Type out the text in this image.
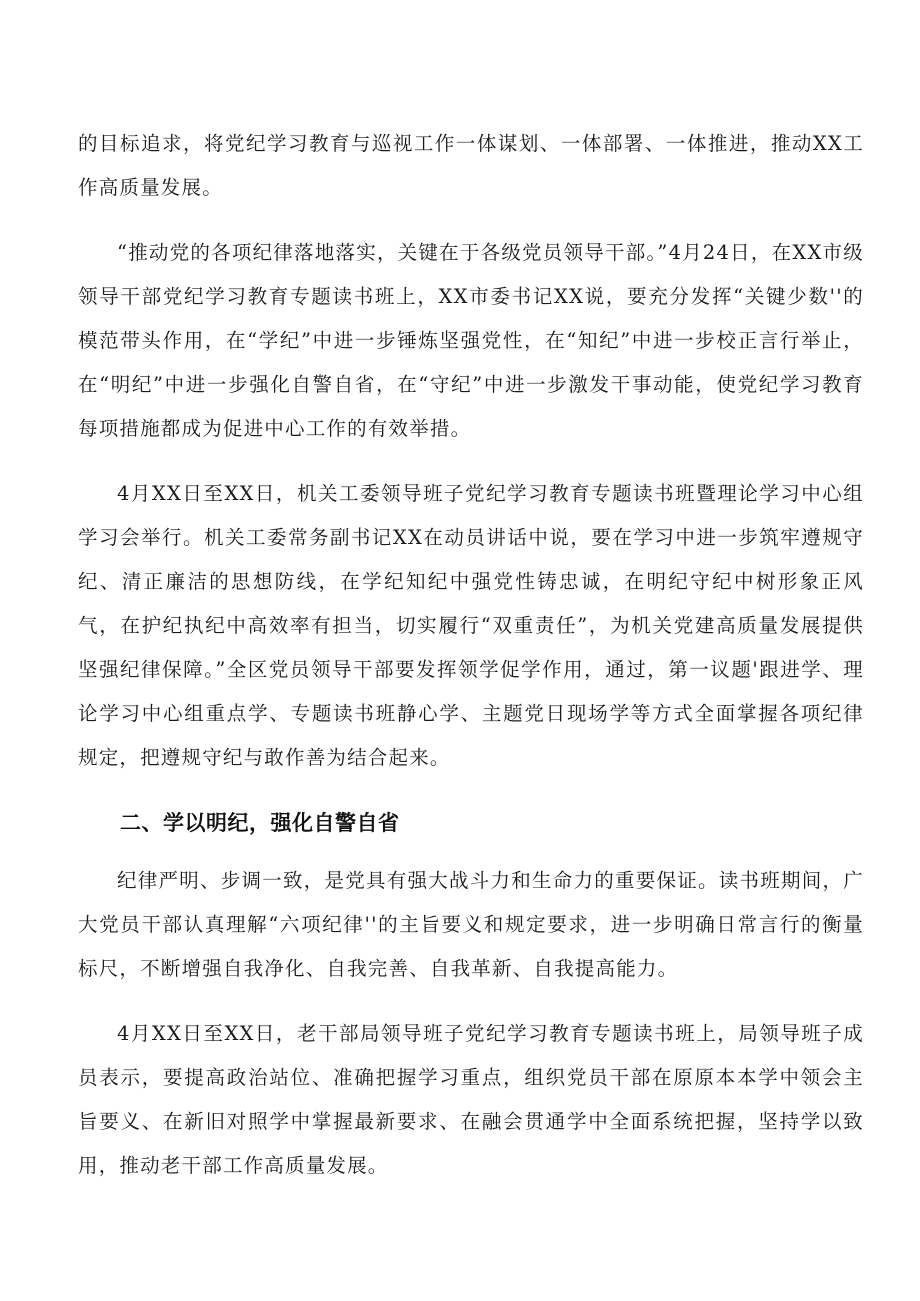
的目标追求，将党纪学习教育与巡视工作一体谋划、一体部署、一体推进，推动XX工作高质量发展。

“推动党的各项纪律落地落实，关键在于各级党员领导干部。”4月24日，在XX市级领导干部党纪学习教育专题读书班上，XX市委书记XX说，要充分发挥“关键少数''的模范带头作用，在“学纪”中进一步锤炼坚强党性，在“知纪”中进一步校正言行举止，在“明纪”中进一步强化自警自省，在“守纪”中进一步激发干事动能，使党纪学习教育每项措施都成为促进中心工作的有效举措。

4月XX日至XX日，机关工委领导班子党纪学习教育专题读书班暨理论学习中心组学习会举行。机关工委常务副书记XX在动员讲话中说，要在学习中进一步筑牢遵规守纪、清正廉洁的思想防线，在学纪知纪中强党性铸忠诚，在明纪守纪中树形象正风气，在护纪执纪中高效率有担当，切实履行“双重责任”，为机关党建高质量发展提供坚强纪律保障。”全区党员领导干部要发挥领学促学作用，通过，第一议题'跟进学、理论学习中心组重点学、专题读书班静心学、主题党日现场学等方式全面掌握各项纪律规定，把遵规守纪与敢作善为结合起来。

二、学以明纪，强化自警自省

纪律严明、步调一致，是党具有强大战斗力和生命力的重要保证。读书班期间，广大党员干部认真理解“六项纪律''的主旨要义和规定要求，进一步明确日常言行的衡量标尺，不断增强自我净化、自我完善、自我革新、自我提高能力。

4月XX日至XX日，老干部局领导班子党纪学习教育专题读书班上，局领导班子成员表示，要提高政治站位、准确把握学习重点，组织党员干部在原原本本学中领会主旨要义、在新旧对照学中掌握最新要求、在融会贯通学中全面系统把握，坚持学以致用，推动老干部工作高质量发展。
